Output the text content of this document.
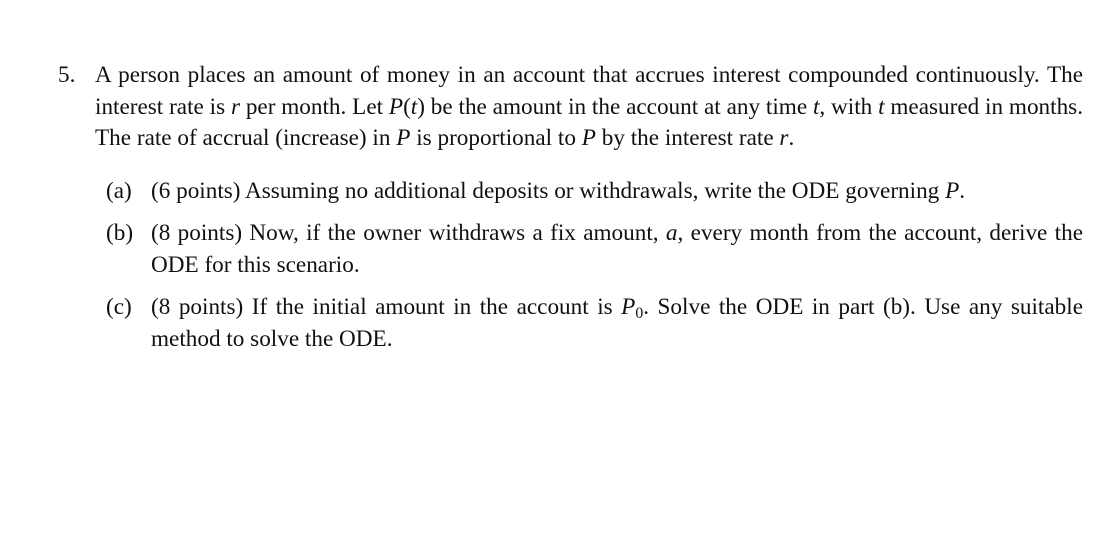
5. A person places an amount of money in an account that accrues interest compounded continuously. The interest rate is r per month. Let P(t) be the amount in the account at any time t, with t measured in months. The rate of accrual (increase) in P is proportional to P by the interest rate r.
(a) (6 points) Assuming no additional deposits or withdrawals, write the ODE governing P.
(b) (8 points) Now, if the owner withdraws a fix amount, a, every month from the account, derive the ODE for this scenario.
(c) (8 points) If the initial amount in the account is $P_0$. Solve the ODE in part (b). Use any suitable method to solve the ODE.
